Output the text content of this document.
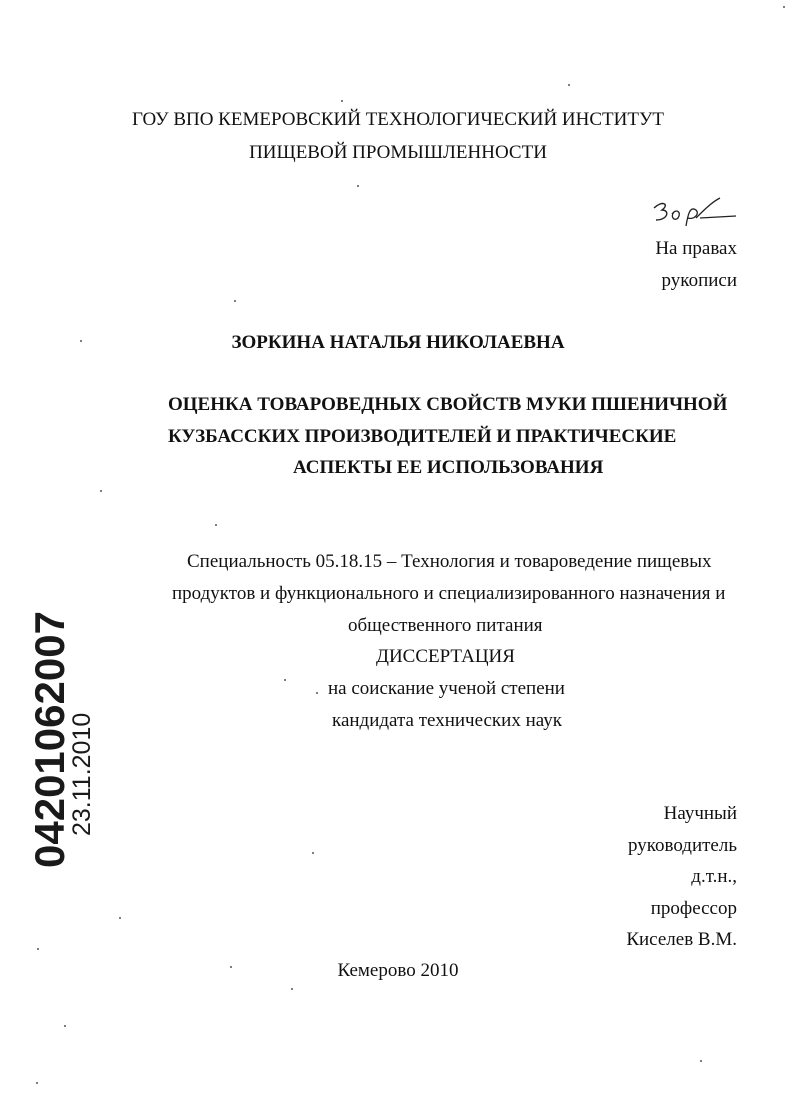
ГОУ ВПО КЕМЕРОВСКИЙ ТЕХНОЛОГИЧЕСКИЙ ИНСТИТУТ
ПИЩЕВОЙ ПРОМЫШЛЕННОСТИ
На правах
рукописи
ЗОРКИНА НАТАЛЬЯ НИКОЛАЕВНА
ОЦЕНКА ТОВАРОВЕДНЫХ СВОЙСТВ МУКИ ПШЕНИЧНОЙ
КУЗБАССКИХ ПРОИЗВОДИТЕЛЕЙ И ПРАКТИЧЕСКИЕ
АСПЕКТЫ ЕЕ ИСПОЛЬЗОВАНИЯ
Специальность 05.18.15 – Технология и товароведение пищевых
продуктов и функционального и специализированного назначения и
общественного питания
ДИССЕРТАЦИЯ
на соискание ученой степени
кандидата технических наук
Научный
руководитель
д.т.н.,
профессор
Киселев В.М.
Кемерово 2010
04201062007
23.11.2010
